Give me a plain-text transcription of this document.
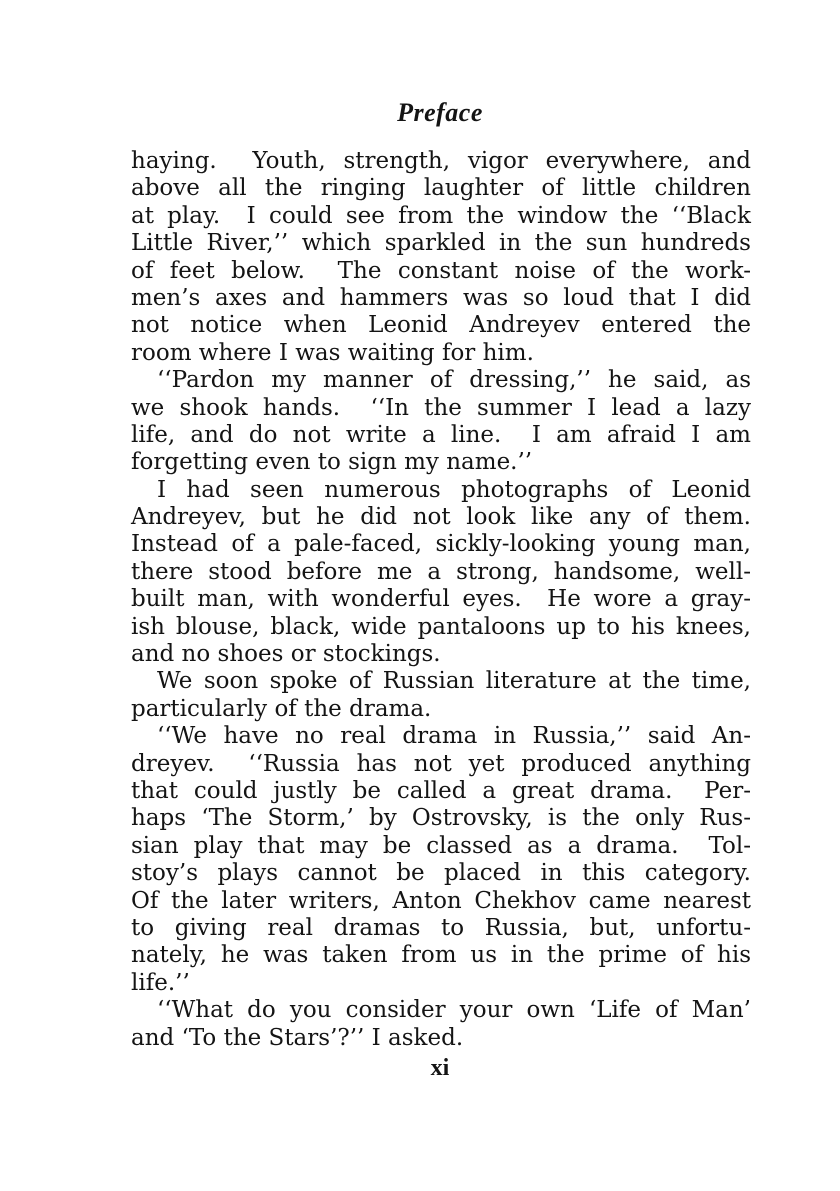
Preface
haying.  Youth, strength, vigor everywhere, and
above all the ringing laughter of little children
at play.  I could see from the window the ‘‘Black
Little River,’’ which sparkled in the sun hundreds
of feet below.  The constant noise of the work-
men’s axes and hammers was so loud that I did
not notice when Leonid Andreyev entered the
room where I was waiting for him.
‘‘Pardon my manner of dressing,’’ he said, as
we shook hands.  ‘‘In the summer I lead a lazy
life, and do not write a line.  I am afraid I am
forgetting even to sign my name.’’
I had seen numerous photographs of Leonid
Andreyev, but he did not look like any of them.
Instead of a pale-faced, sickly-looking young man,
there stood before me a strong, handsome, well-
built man, with wonderful eyes.  He wore a gray-
ish blouse, black, wide pantaloons up to his knees,
and no shoes or stockings.
We soon spoke of Russian literature at the time,
particularly of the drama.
‘‘We have no real drama in Russia,’’ said An-
dreyev.  ‘‘Russia has not yet produced anything
that could justly be called a great drama.  Per-
haps ‘The Storm,’ by Ostrovsky, is the only Rus-
sian play that may be classed as a drama.  Tol-
stoy’s plays cannot be placed in this category.
Of the later writers, Anton Chekhov came nearest
to giving real dramas to Russia, but, unfortu-
nately, he was taken from us in the prime of his
life.’’
‘‘What do you consider your own ‘Life of Man’
and ‘To the Stars’?’’ I asked.
xi
